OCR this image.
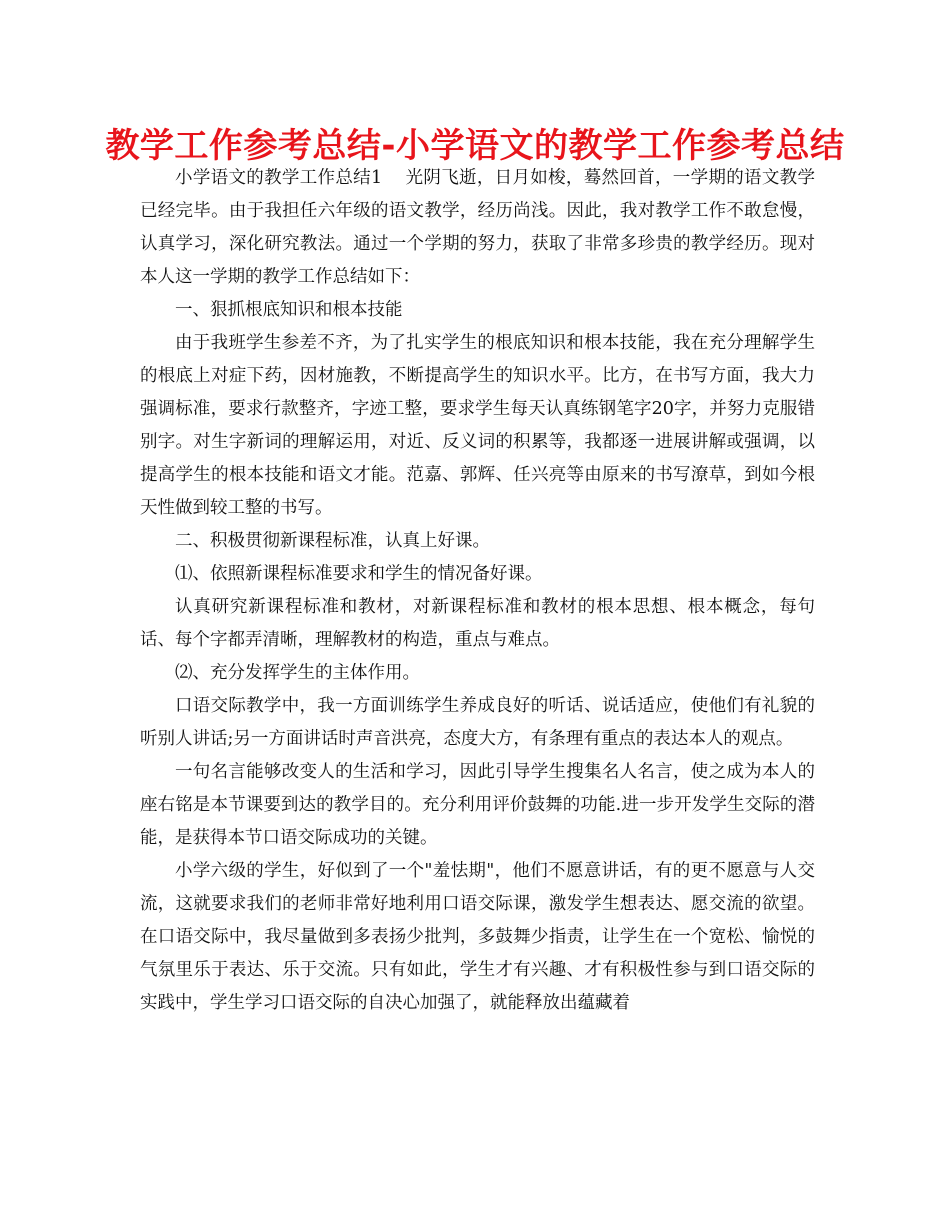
教学工作参考总结-小学语文的教学工作参考总结

小学语文的教学工作总结1    光阴飞逝，日月如梭，蓦然回首，一学期的语文教学已经完毕。由于我担任六年级的语文教学，经历尚浅。因此，我对教学工作不敢怠慢，认真学习，深化研究教法。通过一个学期的努力，获取了非常多珍贵的教学经历。现对本人这一学期的教学工作总结如下：

一、狠抓根底知识和根本技能

由于我班学生参差不齐，为了扎实学生的根底知识和根本技能，我在充分理解学生的根底上对症下药，因材施教，不断提高学生的知识水平。比方，在书写方面，我大力强调标准，要求行款整齐，字迹工整，要求学生每天认真练钢笔字20字，并努力克服错别字。对生字新词的理解运用，对近、反义词的积累等，我都逐一进展讲解或强调，以提高学生的根本技能和语文才能。范嘉、郭辉、任兴亮等由原来的书写潦草，到如今根天性做到较工整的书写。

二、积极贯彻新课程标准，认真上好课。

⑴、依照新课程标准要求和学生的情况备好课。

认真研究新课程标准和教材，对新课程标准和教材的根本思想、根本概念，每句话、每个字都弄清晰，理解教材的构造，重点与难点。

⑵、充分发挥学生的主体作用。

口语交际教学中，我一方面训练学生养成良好的听话、说话适应，使他们有礼貌的听别人讲话;另一方面讲话时声音洪亮，态度大方，有条理有重点的表达本人的观点。

一句名言能够改变人的生活和学习，因此引导学生搜集名人名言，使之成为本人的座右铭是本节课要到达的教学目的。充分利用评价鼓舞的功能.进一步开发学生交际的潜能，是获得本节口语交际成功的关键。

小学六级的学生，好似到了一个"羞怯期"，他们不愿意讲话，有的更不愿意与人交流，这就要求我们的老师非常好地利用口语交际课，激发学生想表达、愿交流的欲望。在口语交际中，我尽量做到多表扬少批判，多鼓舞少指责，让学生在一个宽松、愉悦的气氛里乐于表达、乐于交流。只有如此，学生才有兴趣、才有积极性参与到口语交际的实践中，学生学习口语交际的自决心加强了，就能释放出蕴藏着
